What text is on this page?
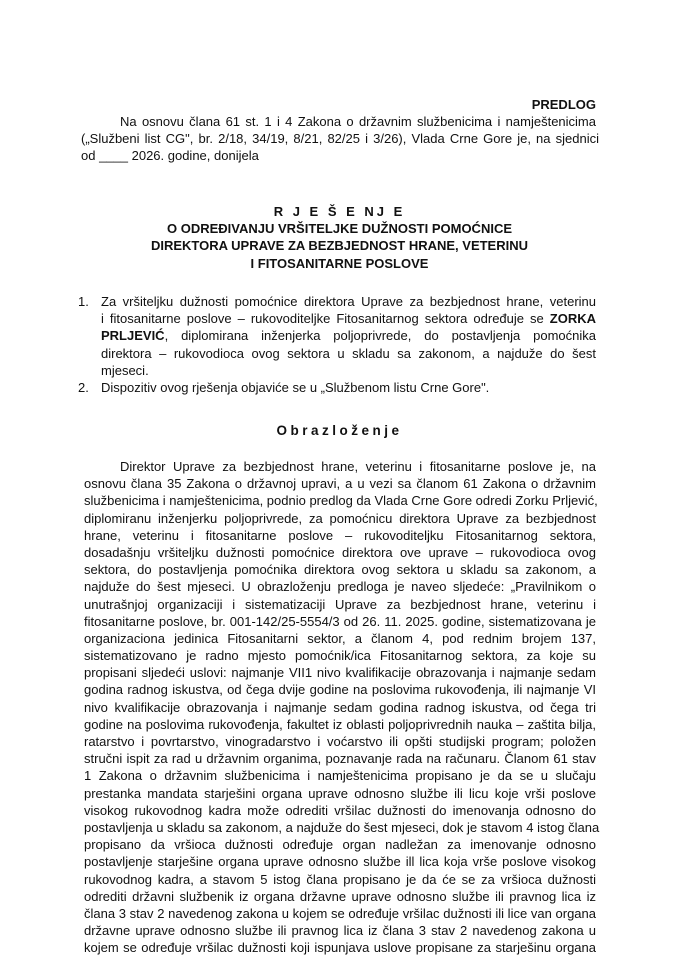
PREDLOG
Na osnovu člana 61 st. 1 i 4 Zakona o državnim službenicima i namještenicima
(„Službeni list CG", br. 2/18, 34/19, 8/21, 82/25 i 3/26), Vlada Crne Gore je, na sjednici
od ____ 2026. godine, donijela
R J E Š E NJ E
O ODREĐIVANJU VRŠITELJKE DUŽNOSTI POMOĆNICE
DIREKTORA UPRAVE ZA BEZBJEDNOST HRANE, VETERINU
I FITOSANITARNE POSLOVE
1. Za vršiteljku dužnosti pomoćnice direktora Uprave za bezbjednost hrane, veterinu
i fitosanitarne poslove – rukovoditeljke Fitosanitarnog sektora određuje se ZORKA
PRLJEVIĆ, diplomirana inženjerka poljoprivrede, do postavljenja pomoćnika
direktora – rukovodioca ovog sektora u skladu sa zakonom, a najduže do šest
mjeseci.
2. Dispozitiv ovog rješenja objaviće se u „Službenom listu Crne Gore".
Obrazloženje
Direktor Uprave za bezbjednost hrane, veterinu i fitosanitarne poslove je, na
osnovu člana 35 Zakona o državnoj upravi, a u vezi sa članom 61 Zakona o državnim
službenicima i namještenicima, podnio predlog da Vlada Crne Gore odredi Zorku Prljević,
diplomiranu inženjerku poljoprivrede, za pomoćnicu direktora Uprave za bezbjednost
hrane, veterinu i fitosanitarne poslove – rukovoditeljku Fitosanitarnog sektora,
dosadašnju vršiteljku dužnosti pomoćnice direktora ove uprave – rukovodioca ovog
sektora, do postavljenja pomoćnika direktora ovog sektora u skladu sa zakonom, a
najduže do šest mjeseci. U obrazloženju predloga je naveo sljedeće: „Pravilnikom o
unutrašnjoj organizaciji i sistematizaciji Uprave za bezbjednost hrane, veterinu i
fitosanitarne poslove, br. 001-142/25-5554/3 od 26. 11. 2025. godine, sistematizovana je
organizaciona jedinica Fitosanitarni sektor, a članom 4, pod rednim brojem 137,
sistematizovano je radno mjesto pomoćnik/ica Fitosanitarnog sektora, za koje su
propisani sljedeći uslovi: najmanje VII1 nivo kvalifikacije obrazovanja i najmanje sedam
godina radnog iskustva, od čega dvije godine na poslovima rukovođenja, ili najmanje VI
nivo kvalifikacije obrazovanja i najmanje sedam godina radnog iskustva, od čega tri
godine na poslovima rukovođenja, fakultet iz oblasti poljoprivrednih nauka – zaštita bilja,
ratarstvo i povrtarstvo, vinogradarstvo i voćarstvo ili opšti studijski program; položen
stručni ispit za rad u državnim organima, poznavanje rada na računaru. Članom 61 stav
1 Zakona o državnim službenicima i namještenicima propisano je da se u slučaju
prestanka mandata starješini organa uprave odnosno službe ili licu koje vrši poslove
visokog rukovodnog kadra može odrediti vršilac dužnosti do imenovanja odnosno do
postavljenja u skladu sa zakonom, a najduže do šest mjeseci, dok je stavom 4 istog člana
propisano da vršioca dužnosti određuje organ nadležan za imenovanje odnosno
postavljenje starješine organa uprave odnosno službe ill lica koja vrše poslove visokog
rukovodnog kadra, a stavom 5 istog člana propisano je da će se za vršioca dužnosti
odrediti državni službenik iz organa državne uprave odnosno službe ili pravnog lica iz
člana 3 stav 2 navedenog zakona u kojem se određuje vršilac dužnosti ili lice van organa
državne uprave odnosno službe ili pravnog lica iz člana 3 stav 2 navedenog zakona u
kojem se određuje vršilac dužnosti koji ispunjava uslove propisane za starješinu organa
